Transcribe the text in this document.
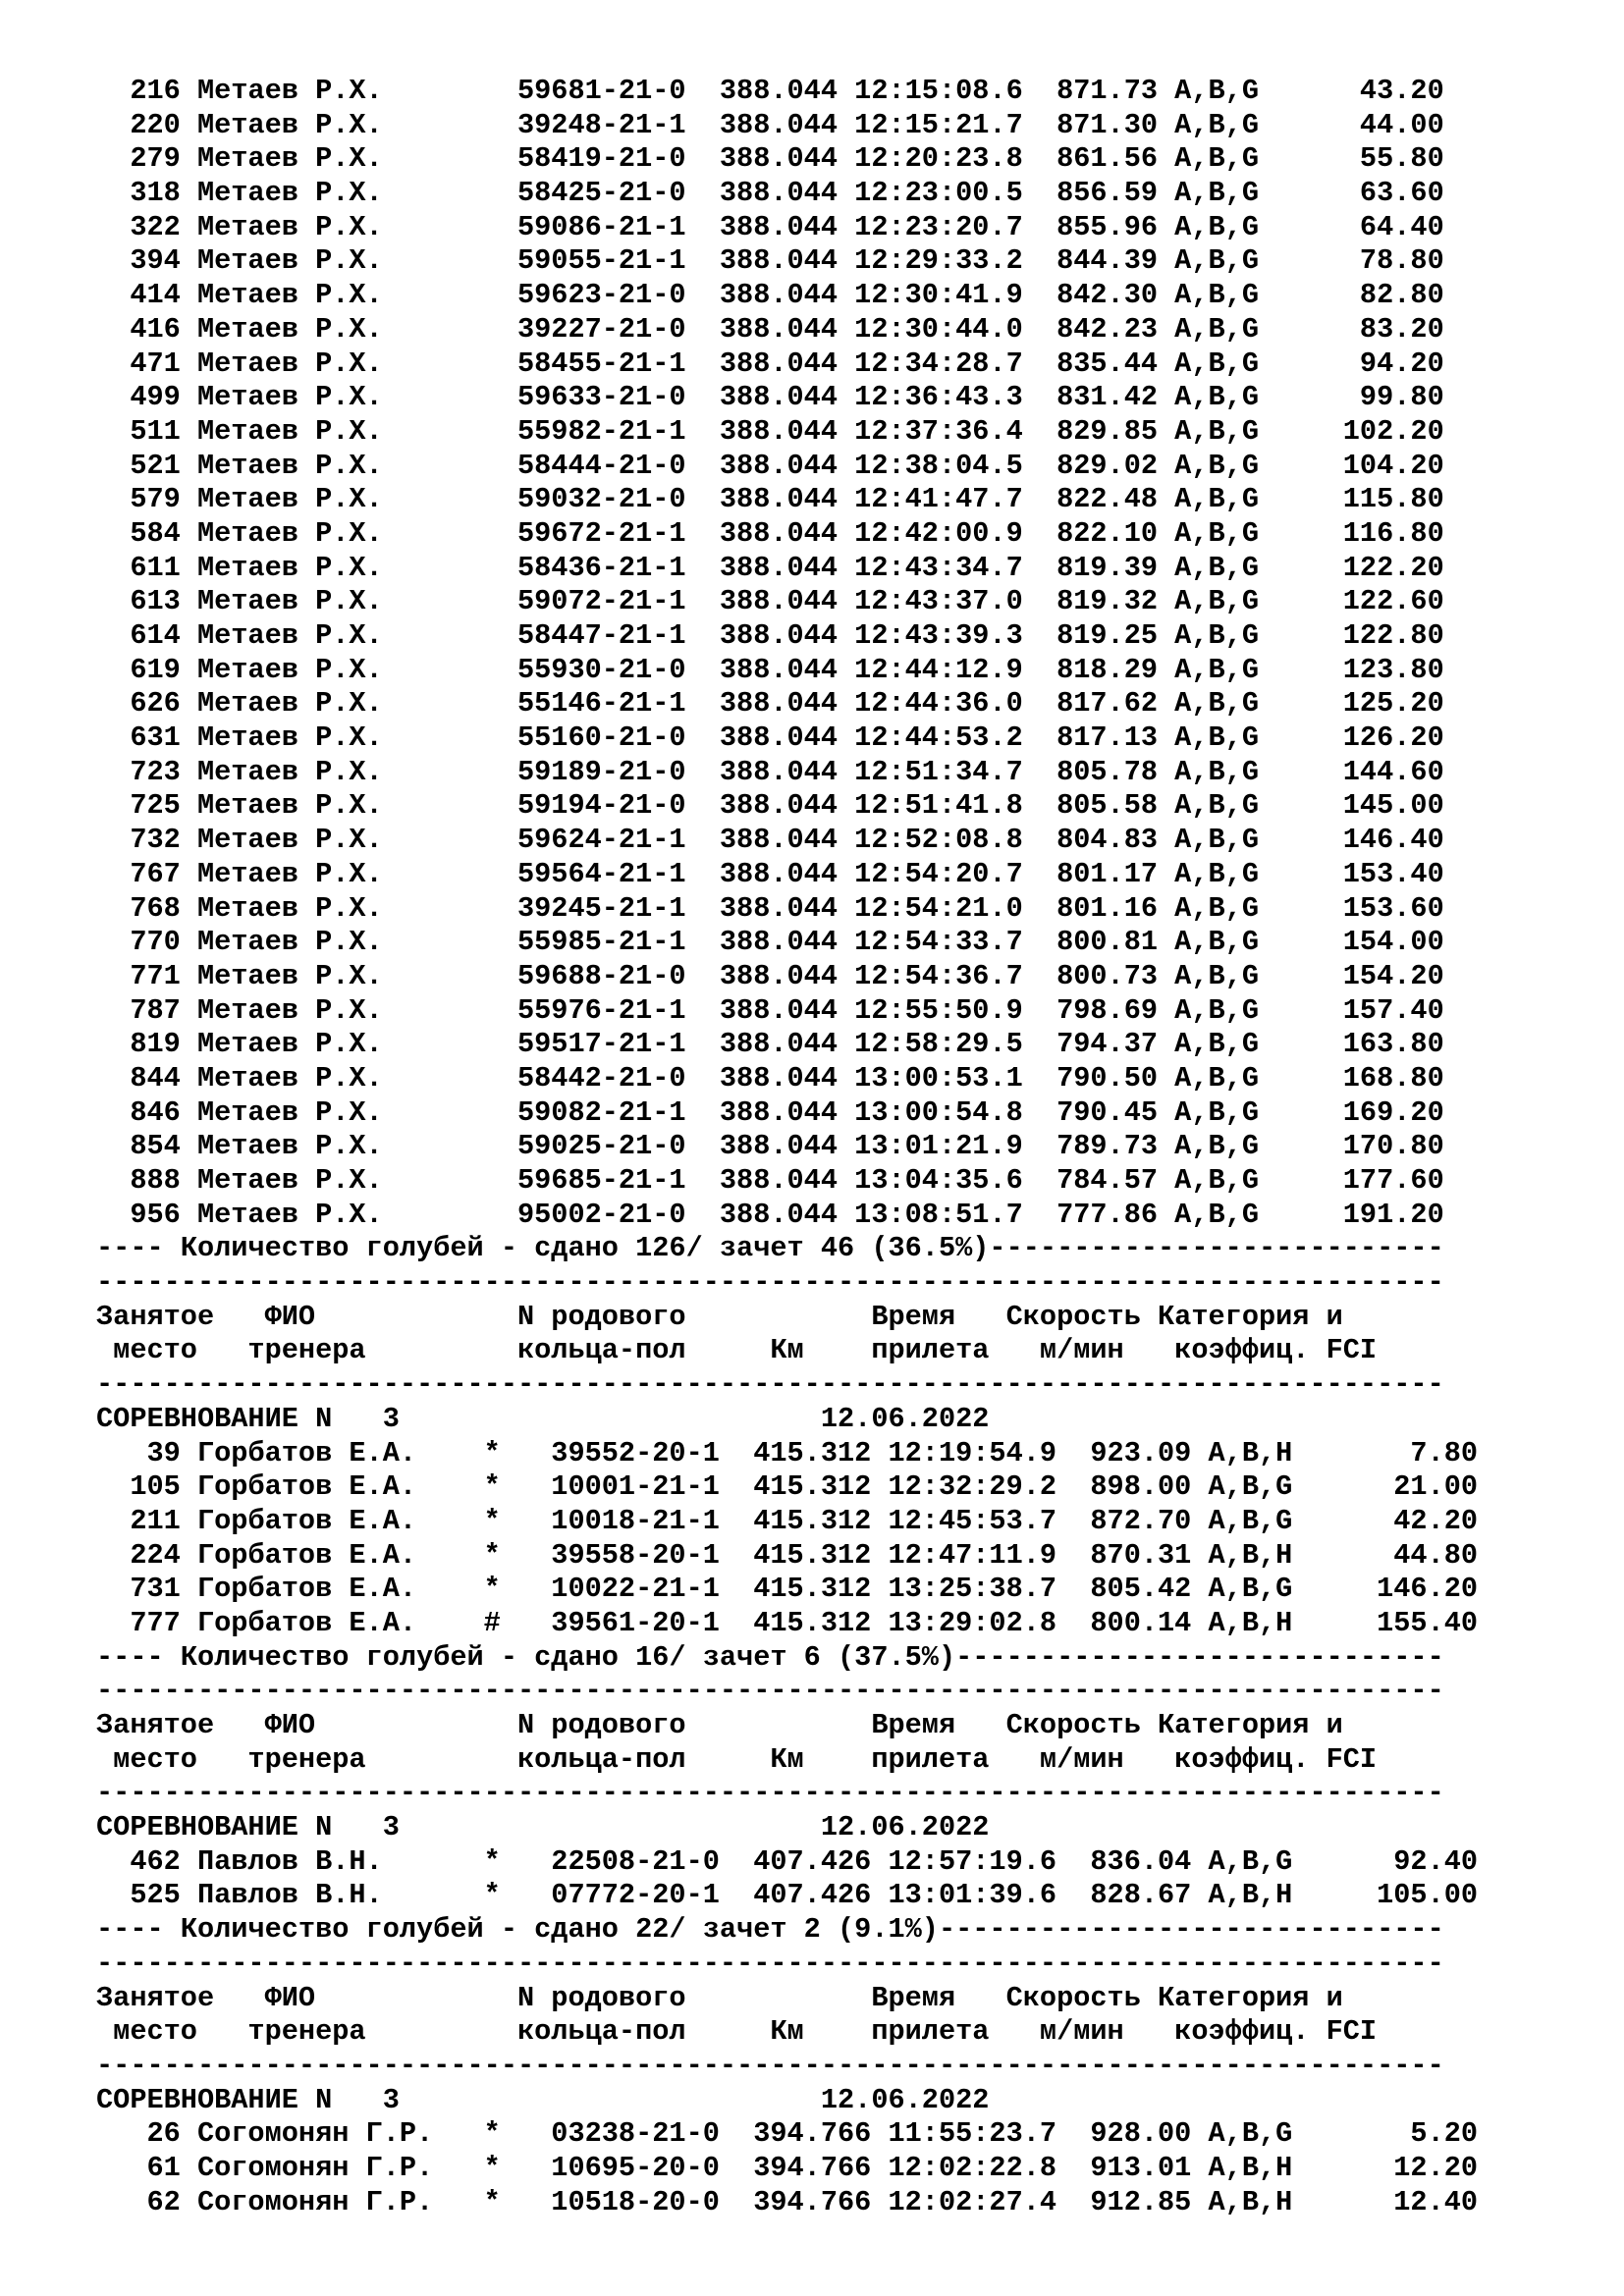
216 Метаев Р.Х.        59681-21-0  388.044 12:15:08.6  871.73 A,B,G      43.20
220 Метаев Р.Х.        39248-21-1  388.044 12:15:21.7  871.30 A,B,G      44.00
279 Метаев Р.Х.        58419-21-0  388.044 12:20:23.8  861.56 A,B,G      55.80
318 Метаев Р.Х.        58425-21-0  388.044 12:23:00.5  856.59 A,B,G      63.60
322 Метаев Р.Х.        59086-21-1  388.044 12:23:20.7  855.96 A,B,G      64.40
394 Метаев Р.Х.        59055-21-1  388.044 12:29:33.2  844.39 A,B,G      78.80
414 Метаев Р.Х.        59623-21-0  388.044 12:30:41.9  842.30 A,B,G      82.80
416 Метаев Р.Х.        39227-21-0  388.044 12:30:44.0  842.23 A,B,G      83.20
471 Метаев Р.Х.        58455-21-1  388.044 12:34:28.7  835.44 A,B,G      94.20
499 Метаев Р.Х.        59633-21-0  388.044 12:36:43.3  831.42 A,B,G      99.80
511 Метаев Р.Х.        55982-21-1  388.044 12:37:36.4  829.85 A,B,G     102.20
521 Метаев Р.Х.        58444-21-0  388.044 12:38:04.5  829.02 A,B,G     104.20
579 Метаев Р.Х.        59032-21-0  388.044 12:41:47.7  822.48 A,B,G     115.80
584 Метаев Р.Х.        59672-21-1  388.044 12:42:00.9  822.10 A,B,G     116.80
611 Метаев Р.Х.        58436-21-1  388.044 12:43:34.7  819.39 A,B,G     122.20
613 Метаев Р.Х.        59072-21-1  388.044 12:43:37.0  819.32 A,B,G     122.60
614 Метаев Р.Х.        58447-21-1  388.044 12:43:39.3  819.25 A,B,G     122.80
619 Метаев Р.Х.        55930-21-0  388.044 12:44:12.9  818.29 A,B,G     123.80
626 Метаев Р.Х.        55146-21-1  388.044 12:44:36.0  817.62 A,B,G     125.20
631 Метаев Р.Х.        55160-21-0  388.044 12:44:53.2  817.13 A,B,G     126.20
723 Метаев Р.Х.        59189-21-0  388.044 12:51:34.7  805.78 A,B,G     144.60
725 Метаев Р.Х.        59194-21-0  388.044 12:51:41.8  805.58 A,B,G     145.00
732 Метаев Р.Х.        59624-21-1  388.044 12:52:08.8  804.83 A,B,G     146.40
767 Метаев Р.Х.        59564-21-1  388.044 12:54:20.7  801.17 A,B,G     153.40
768 Метаев Р.Х.        39245-21-1  388.044 12:54:21.0  801.16 A,B,G     153.60
770 Метаев Р.Х.        55985-21-1  388.044 12:54:33.7  800.81 A,B,G     154.00
771 Метаев Р.Х.        59688-21-0  388.044 12:54:36.7  800.73 A,B,G     154.20
787 Метаев Р.Х.        55976-21-1  388.044 12:55:50.9  798.69 A,B,G     157.40
819 Метаев Р.Х.        59517-21-1  388.044 12:58:29.5  794.37 A,B,G     163.80
844 Метаев Р.Х.        58442-21-0  388.044 13:00:53.1  790.50 A,B,G     168.80
846 Метаев Р.Х.        59082-21-1  388.044 13:00:54.8  790.45 A,B,G     169.20
854 Метаев Р.Х.        59025-21-0  388.044 13:01:21.9  789.73 A,B,G     170.80
888 Метаев Р.Х.        59685-21-1  388.044 13:04:35.6  784.57 A,B,G     177.60
956 Метаев Р.Х.        95002-21-0  388.044 13:08:51.7  777.86 A,B,G     191.20
---- Количество голубей - сдано 126/ зачет 46 (36.5%)---------------------------
--------------------------------------------------------------------------------
Занятое   ФИО            N родового           Время   Скорость Категория и
место   тренера         кольца-пол     Км    прилета   м/мин   коэффиц. FCI
--------------------------------------------------------------------------------
СОРЕВНОВАНИЕ N   3                         12.06.2022
39 Горбатов Е.А.    *   39552-20-1  415.312 12:19:54.9  923.09 A,B,H       7.80
105 Горбатов Е.А.    *   10001-21-1  415.312 12:32:29.2  898.00 A,B,G      21.00
211 Горбатов Е.А.    *   10018-21-1  415.312 12:45:53.7  872.70 A,B,G      42.20
224 Горбатов Е.А.    *   39558-20-1  415.312 12:47:11.9  870.31 A,B,H      44.80
731 Горбатов Е.А.    *   10022-21-1  415.312 13:25:38.7  805.42 A,B,G     146.20
777 Горбатов Е.А.    #   39561-20-1  415.312 13:29:02.8  800.14 A,B,H     155.40
---- Количество голубей - сдано 16/ зачет 6 (37.5%)-----------------------------
--------------------------------------------------------------------------------
Занятое   ФИО            N родового           Время   Скорость Категория и
место   тренера         кольца-пол     Км    прилета   м/мин   коэффиц. FCI
--------------------------------------------------------------------------------
СОРЕВНОВАНИЕ N   3                         12.06.2022
462 Павлов В.Н.      *   22508-21-0  407.426 12:57:19.6  836.04 A,B,G      92.40
525 Павлов В.Н.      *   07772-20-1  407.426 13:01:39.6  828.67 A,B,H     105.00
---- Количество голубей - сдано 22/ зачет 2 (9.1%)------------------------------
--------------------------------------------------------------------------------
Занятое   ФИО            N родового           Время   Скорость Категория и
место   тренера         кольца-пол     Км    прилета   м/мин   коэффиц. FCI
--------------------------------------------------------------------------------
СОРЕВНОВАНИЕ N   3                         12.06.2022
26 Согомонян Г.Р.   *   03238-21-0  394.766 11:55:23.7  928.00 A,B,G       5.20
61 Согомонян Г.Р.   *   10695-20-0  394.766 12:02:22.8  913.01 A,B,H      12.20
62 Согомонян Г.Р.   *   10518-20-0  394.766 12:02:27.4  912.85 A,B,H      12.40
